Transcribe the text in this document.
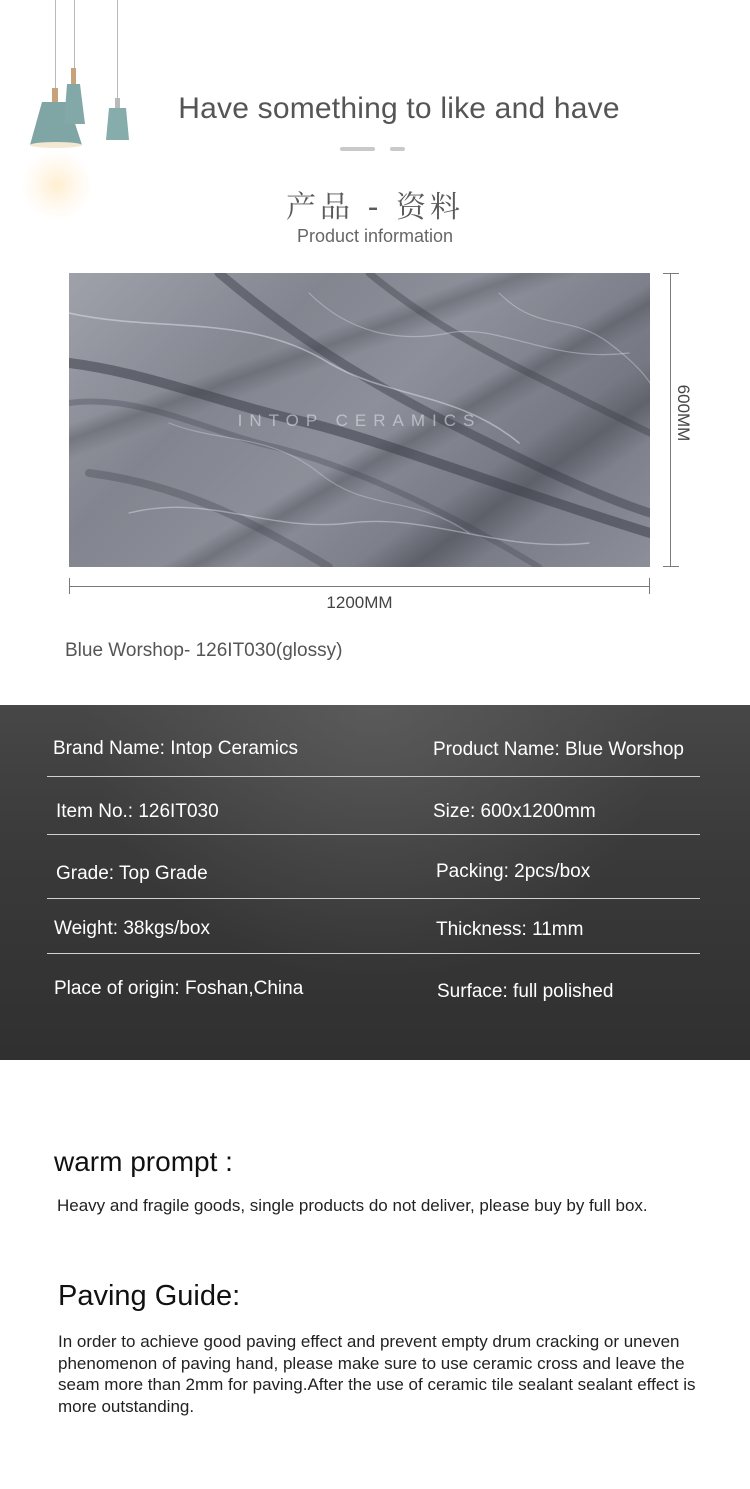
Have something to like and have
产品 - 资料
Product information
INTOP CERAMICS
1200MM
600MM
Blue Worshop- 126IT030(glossy)
Brand Name: Intop Ceramics	Product Name: Blue Worshop
Item No.: 126IT030	Size: 600x1200mm
Grade: Top Grade	Packing: 2pcs/box
Weight: 38kgs/box	Thickness: 11mm
Place of origin: Foshan,China	Surface: full polished
warm prompt :
Heavy and fragile goods, single products do not deliver, please buy by full box.
Paving Guide:
In order to achieve good paving effect and prevent empty drum cracking or uneven phenomenon of paving hand, please make sure to use ceramic cross and leave the seam more than 2mm for paving.After the use of ceramic tile sealant sealant effect is more outstanding.
